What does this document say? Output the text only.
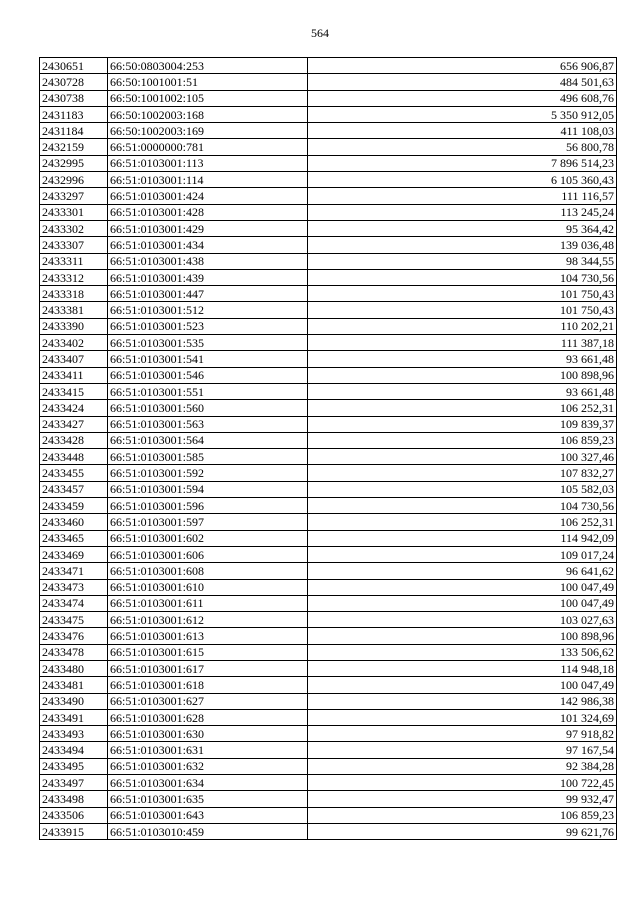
564
2430651	66:50:0803004:253	656 906,87
2430728	66:50:1001001:51	484 501,63
2430738	66:50:1001002:105	496 608,76
2431183	66:50:1002003:168	5 350 912,05
2431184	66:50:1002003:169	411 108,03
2432159	66:51:0000000:781	56 800,78
2432995	66:51:0103001:113	7 896 514,23
2432996	66:51:0103001:114	6 105 360,43
2433297	66:51:0103001:424	111 116,57
2433301	66:51:0103001:428	113 245,24
2433302	66:51:0103001:429	95 364,42
2433307	66:51:0103001:434	139 036,48
2433311	66:51:0103001:438	98 344,55
2433312	66:51:0103001:439	104 730,56
2433318	66:51:0103001:447	101 750,43
2433381	66:51:0103001:512	101 750,43
2433390	66:51:0103001:523	110 202,21
2433402	66:51:0103001:535	111 387,18
2433407	66:51:0103001:541	93 661,48
2433411	66:51:0103001:546	100 898,96
2433415	66:51:0103001:551	93 661,48
2433424	66:51:0103001:560	106 252,31
2433427	66:51:0103001:563	109 839,37
2433428	66:51:0103001:564	106 859,23
2433448	66:51:0103001:585	100 327,46
2433455	66:51:0103001:592	107 832,27
2433457	66:51:0103001:594	105 582,03
2433459	66:51:0103001:596	104 730,56
2433460	66:51:0103001:597	106 252,31
2433465	66:51:0103001:602	114 942,09
2433469	66:51:0103001:606	109 017,24
2433471	66:51:0103001:608	96 641,62
2433473	66:51:0103001:610	100 047,49
2433474	66:51:0103001:611	100 047,49
2433475	66:51:0103001:612	103 027,63
2433476	66:51:0103001:613	100 898,96
2433478	66:51:0103001:615	133 506,62
2433480	66:51:0103001:617	114 948,18
2433481	66:51:0103001:618	100 047,49
2433490	66:51:0103001:627	142 986,38
2433491	66:51:0103001:628	101 324,69
2433493	66:51:0103001:630	97 918,82
2433494	66:51:0103001:631	97 167,54
2433495	66:51:0103001:632	92 384,28
2433497	66:51:0103001:634	100 722,45
2433498	66:51:0103001:635	99 932,47
2433506	66:51:0103001:643	106 859,23
2433915	66:51:0103010:459	99 621,76
